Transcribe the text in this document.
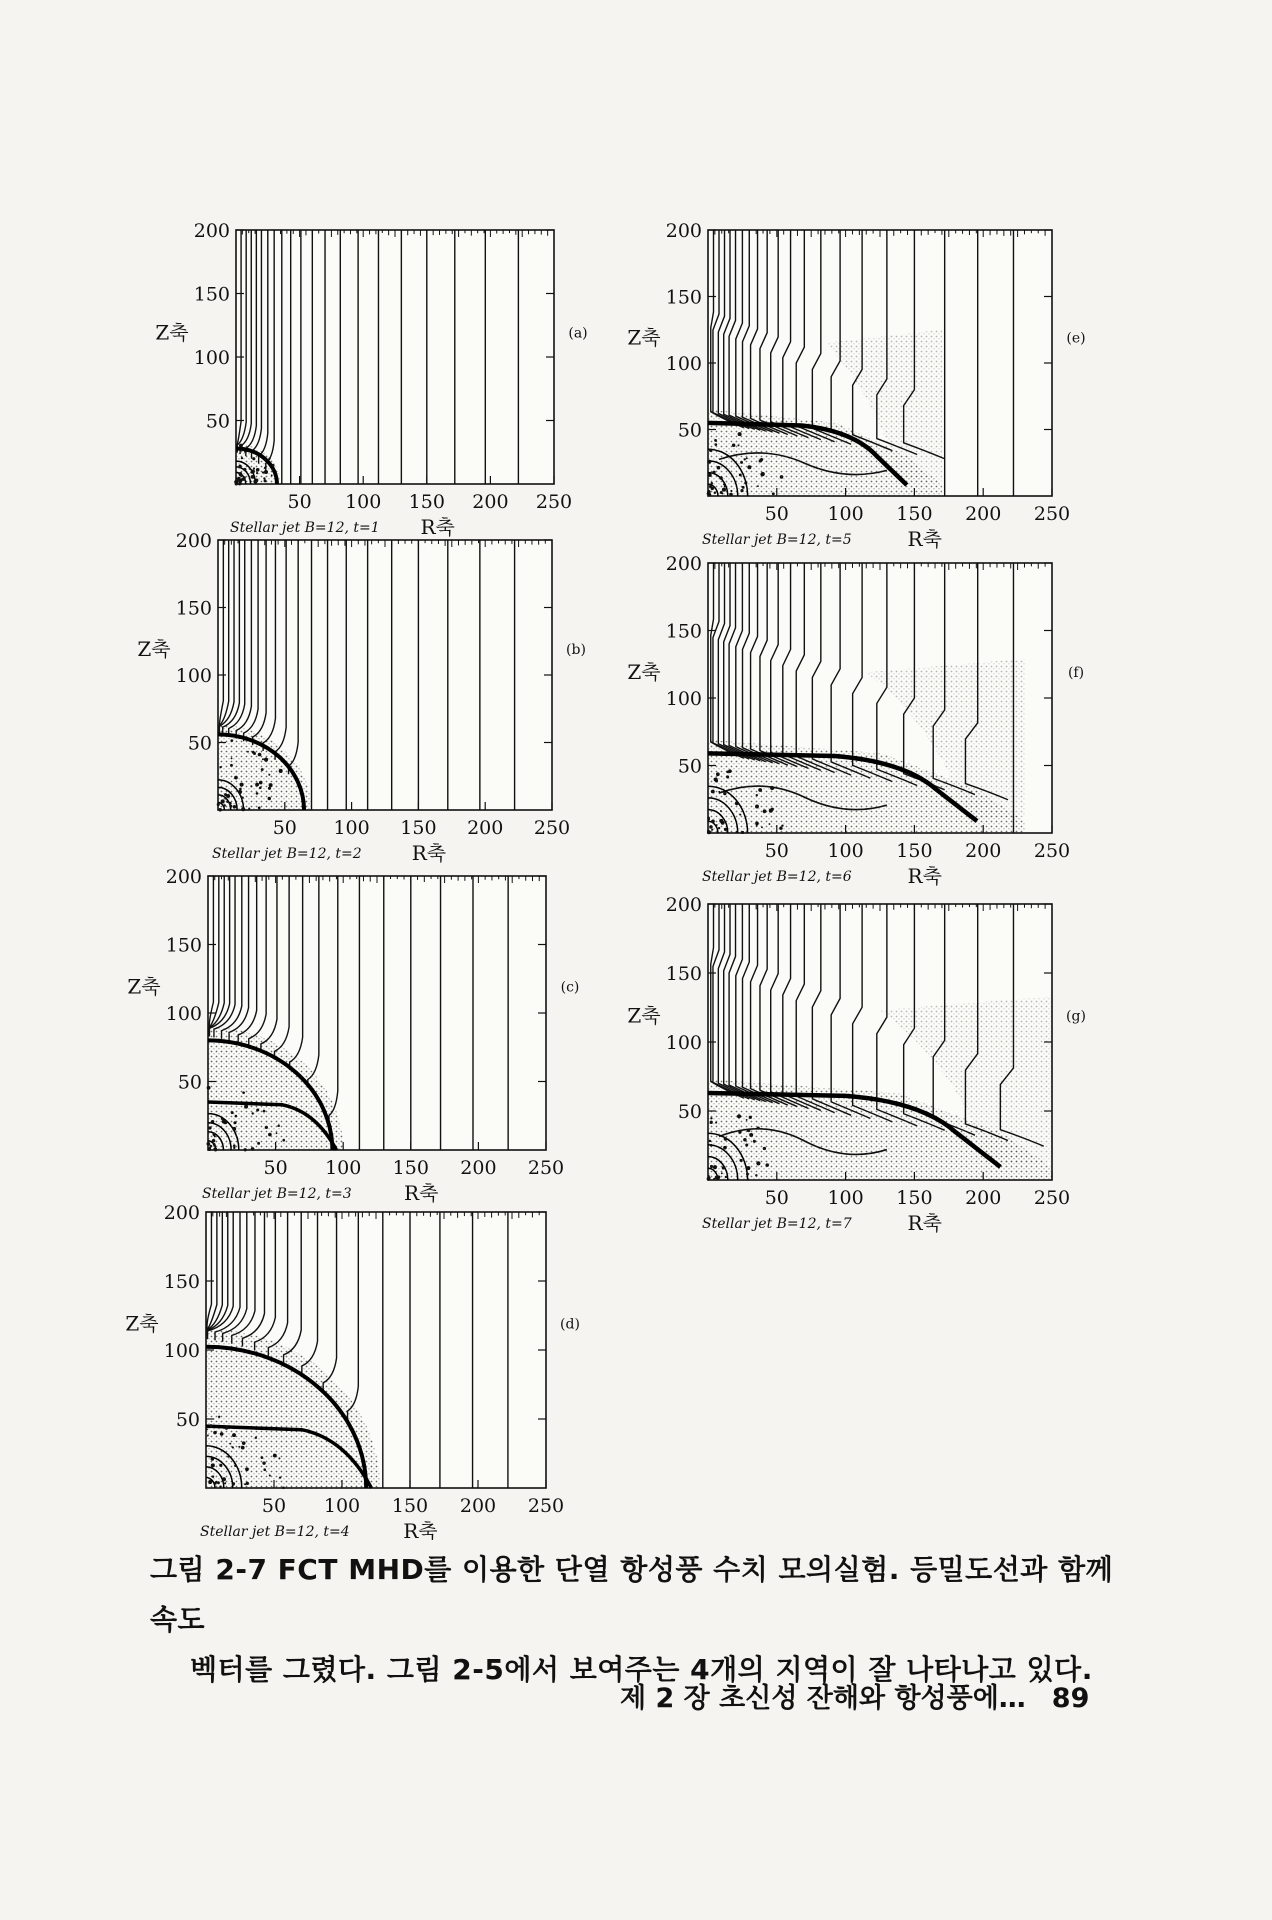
50 100 150 200 250
200
150
100
50
Z축
R축
Stellar jet B=12, t=1
(a)
50 100 150 200 250
200
150
100
50
Z축
R축
Stellar jet B=12, t=2
(b)
50 100 150 200 250
200
150
100
50
Z축
R축
Stellar jet B=12, t=3
(c)
50 100 150 200 250
200
150
100
50
Z축
R축
Stellar jet B=12, t=4
(d)
50 100 150 200 250
200
150
100
50
Z축
R축
Stellar jet B=12, t=5
(e)
50 100 150 200 250
200
150
100
50
Z축
R축
Stellar jet B=12, t=6
(f)
50 100 150 200 250
200
150
100
50
Z축
R축
Stellar jet B=12, t=7
(g)
그림 2-7 FCT MHD를 이용한 단열 항성풍 수치 모의실험. 등밀도선과 함께 속도
벡터를 그렸다. 그림 2-5에서 보여주는 4개의 지역이 잘 나타나고 있다.
제 2 장 초신성 잔해와 항성풍에… 89
